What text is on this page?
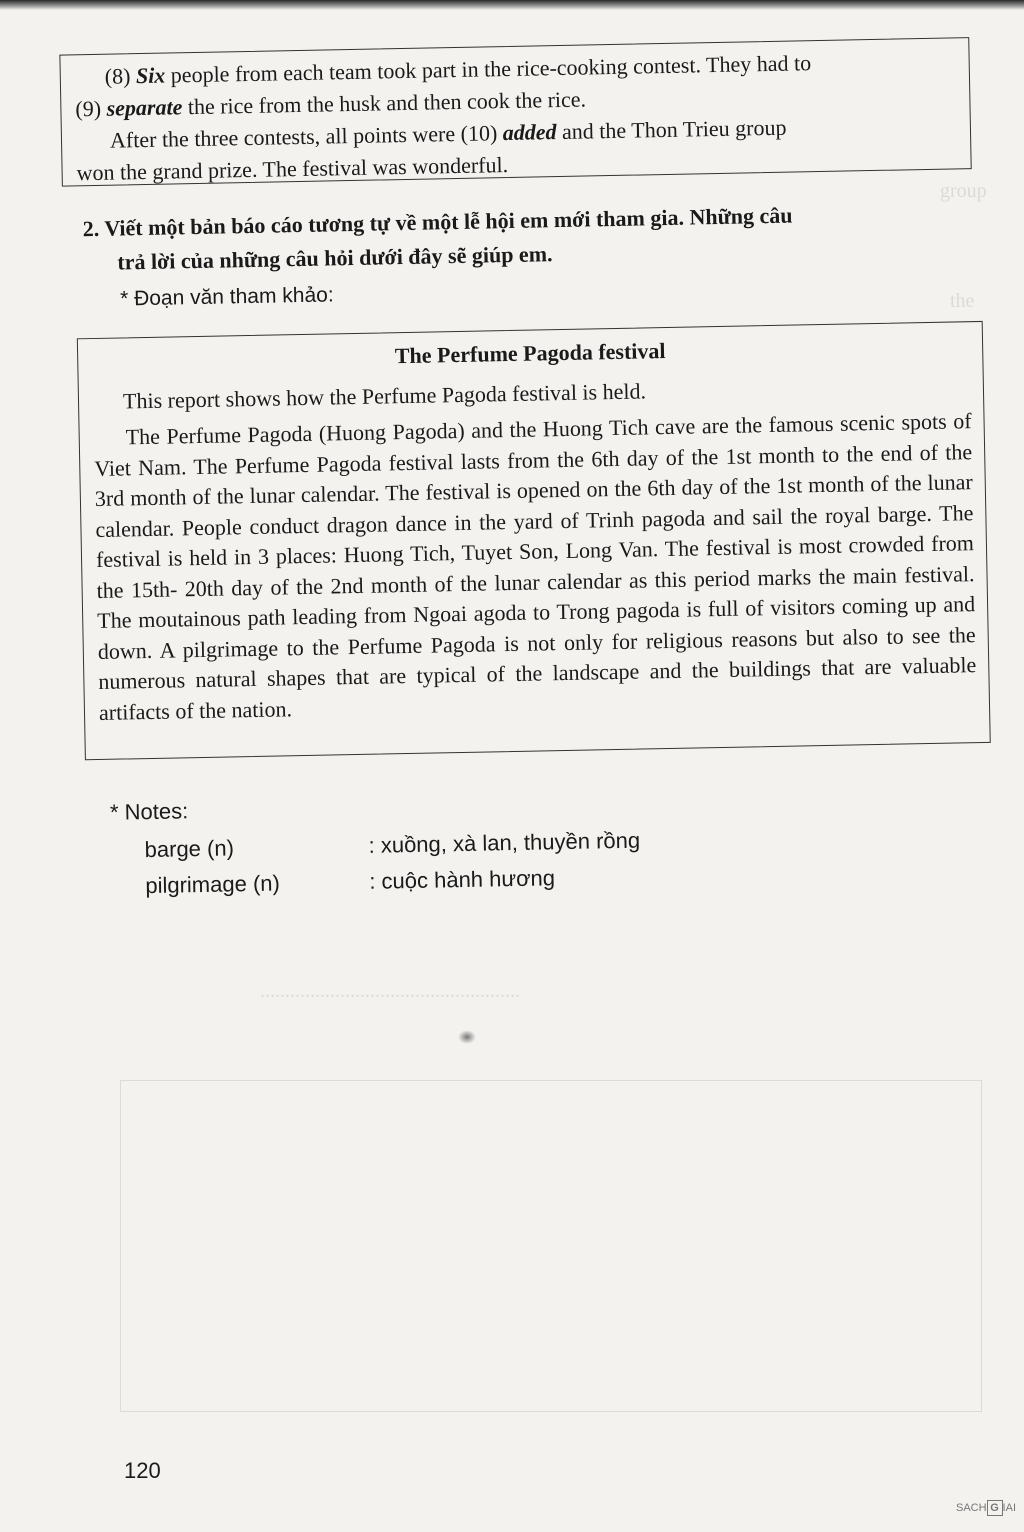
group
the
....................................................

(8) Six people from each team took part in the rice-cooking contest. They had to

(9) separate the rice from the husk and then cook the rice.

After the three contests, all points were (10) added and the Thon Trieu group

won the grand prize. The festival was wonderful.

2. Viết một bản báo cáo tương tự về một lễ hội em mới tham gia. Những câu
trả lời của những câu hỏi dưới đây sẽ giúp em.
* Đoạn văn tham khảo:
The Perfume Pagoda festival
This report shows how the Perfume Pagoda festival is held.
The Perfume Pagoda (Huong Pagoda) and the Huong Tich cave are the famous scenic spots of Viet Nam. The Perfume Pagoda festival lasts from the 6th day of the 1st month to the end of the 3rd month of the lunar calendar. The festival is opened on the 6th day of the 1st month of the lunar calendar. People conduct dragon dance in the yard of Trinh pagoda and sail the royal barge. The festival is held in 3 places: Huong Tich, Tuyet Son, Long Van. The festival is most crowded from the 15th- 20th day of the 2nd month of the lunar calendar as this period marks the main festival. The moutainous path leading from Ngoai agoda to Trong pagoda is full of visitors coming up and down. A pilgrimage to the Perfume Pagoda is not only for religious reasons but also to see the numerous natural shapes that are typical of the landscape and the buildings that are valuable artifacts of the nation.
* Notes:
barge (n)	: xuồng, xà lan, thuyền rồng
pilgrimage (n)	: cuộc hành hương
120
SACH G IAI
